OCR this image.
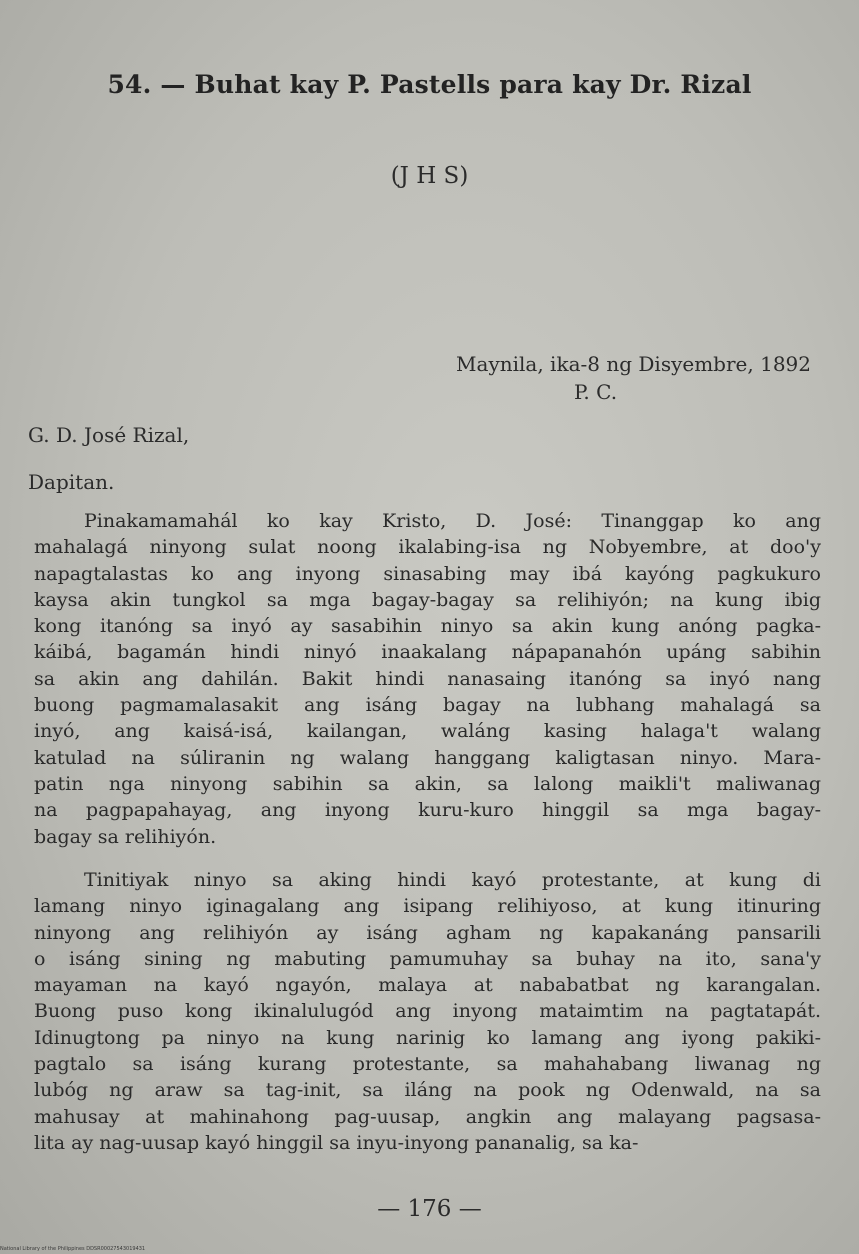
54. — Buhat kay P. Pastells para kay Dr. Rizal
(J H S)
Maynila, ika-8 ng Disyembre, 1892
P. C.
G. D. José Rizal,
Dapitan.
Pinakamamahál ko kay Kristo, D. José: Tinanggap ko ang
mahalagá ninyong sulat noong ikalabing-isa ng Nobyembre, at doo'y
napagtalastas ko ang inyong sinasabing may ibá kayóng pagkukuro
kaysa akin tungkol sa mga bagay-bagay sa relihiyón; na kung ibig
kong itanóng sa inyó ay sasabihin ninyo sa akin kung anóng pagka-
káibá, bagamán hindi ninyó inaakalang nápapanahón upáng sabihin
sa akin ang dahilán. Bakit hindi nanasaing itanóng sa inyó nang
buong pagmamalasakit ang isáng bagay na lubhang mahalagá sa
inyó, ang kaisá-isá, kailangan, waláng kasing halaga't walang
katulad na súliranin ng walang hanggang kaligtasan ninyo. Mara-
patin nga ninyong sabihin sa akin, sa lalong maikli't maliwanag
na pagpapahayag, ang inyong kuru-kuro hinggil sa mga bagay-
bagay sa relihiyón.
Tinitiyak ninyo sa aking hindi kayó protestante, at kung di
lamang ninyo iginagalang ang isipang relihiyoso, at kung itinuring
ninyong ang relihiyón ay isáng agham ng kapakanáng pansarili
o isáng sining ng mabuting pamumuhay sa buhay na ito, sana'y
mayaman na kayó ngayón, malaya at nababatbat ng karangalan.
Buong puso kong ikinalulugód ang inyong mataimtim na pagtatapát.
Idinugtong pa ninyo na kung narinig ko lamang ang iyong pakiki-
pagtalo sa isáng kurang protestante, sa mahahabang liwanag ng
lubóg ng araw sa tag-init, sa iláng na pook ng Odenwald, na sa
mahusay at mahinahong pag-uusap, angkin ang malayang pagsasa-
lita ay nag-uusap kayó hinggil sa inyu-inyong pananalig, sa ka-
— 176 —
National Library of the Philippines DDSR00027543019431
